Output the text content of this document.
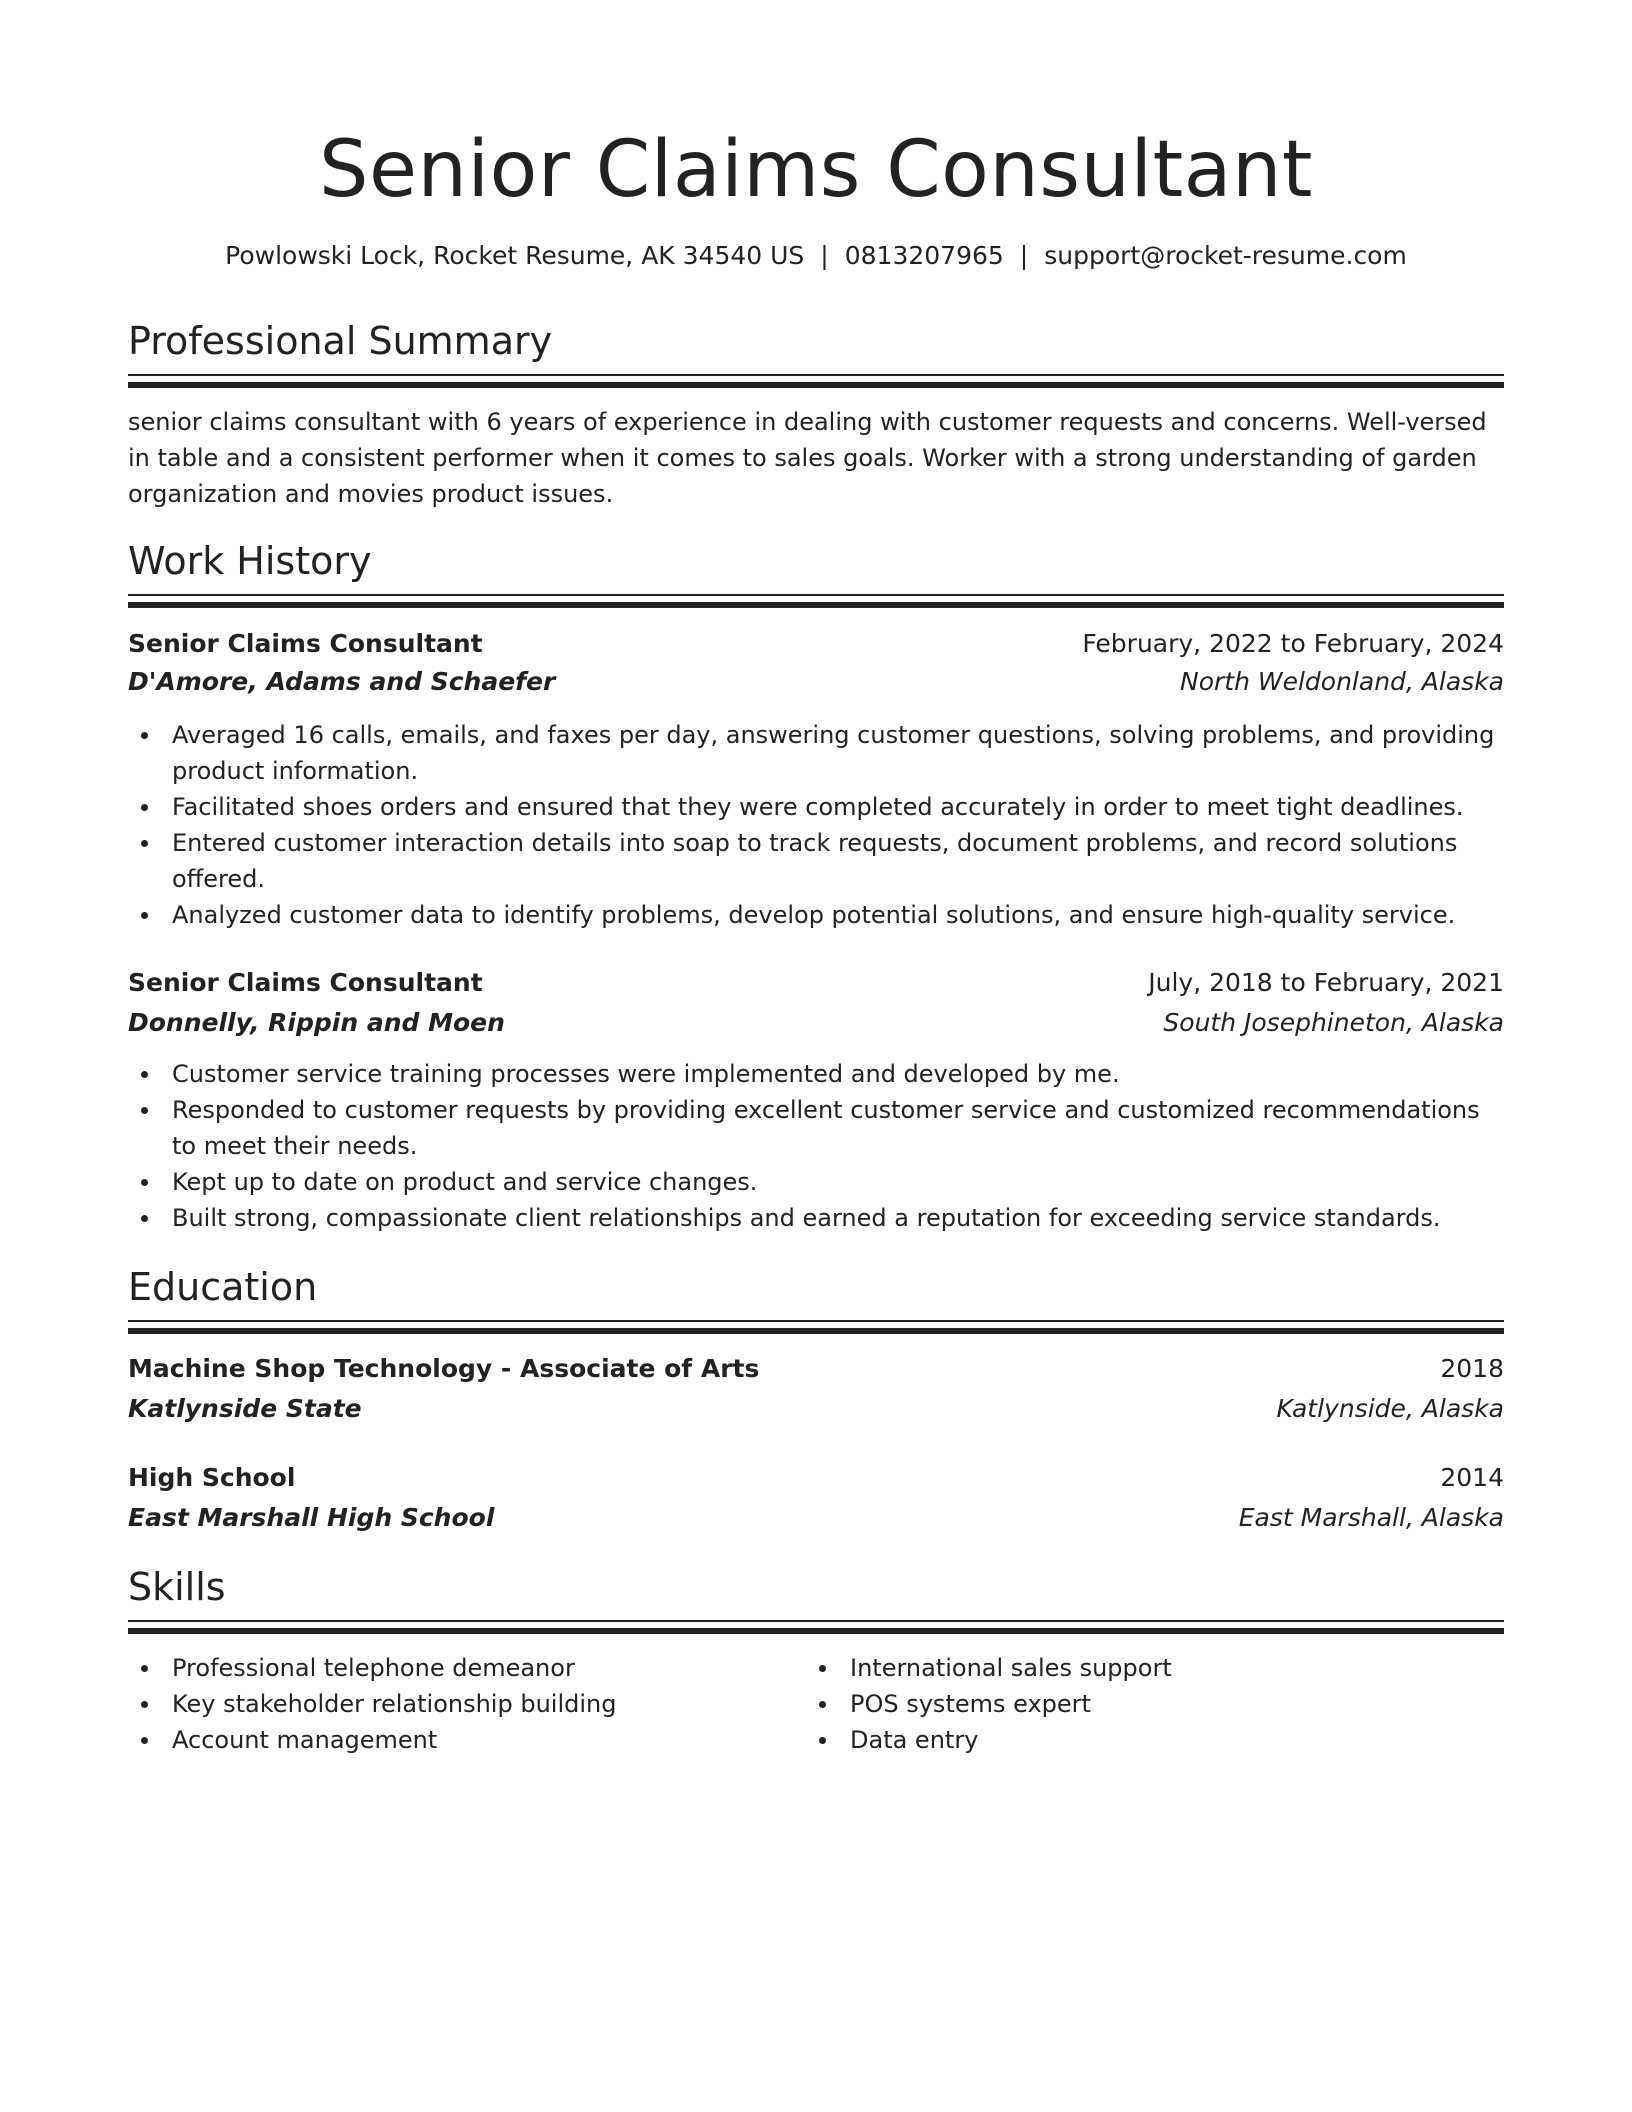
Senior Claims Consultant
Powlowski Lock, Rocket Resume, AK 34540 US | 0813207965 | support@rocket-resume.com
Professional Summary

senior claims consultant with 6 years of experience in dealing with customer requests and concerns. Well-versed in table and a consistent performer when it comes to sales goals. Worker with a strong understanding of garden organization and movies product issues.

Work History
Senior Claims Consultant	February, 2022 to February, 2024
D'Amore, Adams and Schaefer	North Weldonland, Alaska
Averaged 16 calls, emails, and faxes per day, answering customer questions, solving problems, and providing product information.
Facilitated shoes orders and ensured that they were completed accurately in order to meet tight deadlines.
Entered customer interaction details into soap to track requests, document problems, and record solutions offered.
Analyzed customer data to identify problems, develop potential solutions, and ensure high-quality service.
Senior Claims Consultant	July, 2018 to February, 2021
Donnelly, Rippin and Moen	South Josephineton, Alaska
Customer service training processes were implemented and developed by me.
Responded to customer requests by providing excellent customer service and customized recommendations to meet their needs.
Kept up to date on product and service changes.
Built strong, compassionate client relationships and earned a reputation for exceeding service standards.
Education
Machine Shop Technology - Associate of Arts	2018
Katlynside State	Katlynside, Alaska
High School	2014
East Marshall High School	East Marshall, Alaska
Skills
Professional telephone demeanor
Key stakeholder relationship building
Account management
International sales support
POS systems expert
Data entry
